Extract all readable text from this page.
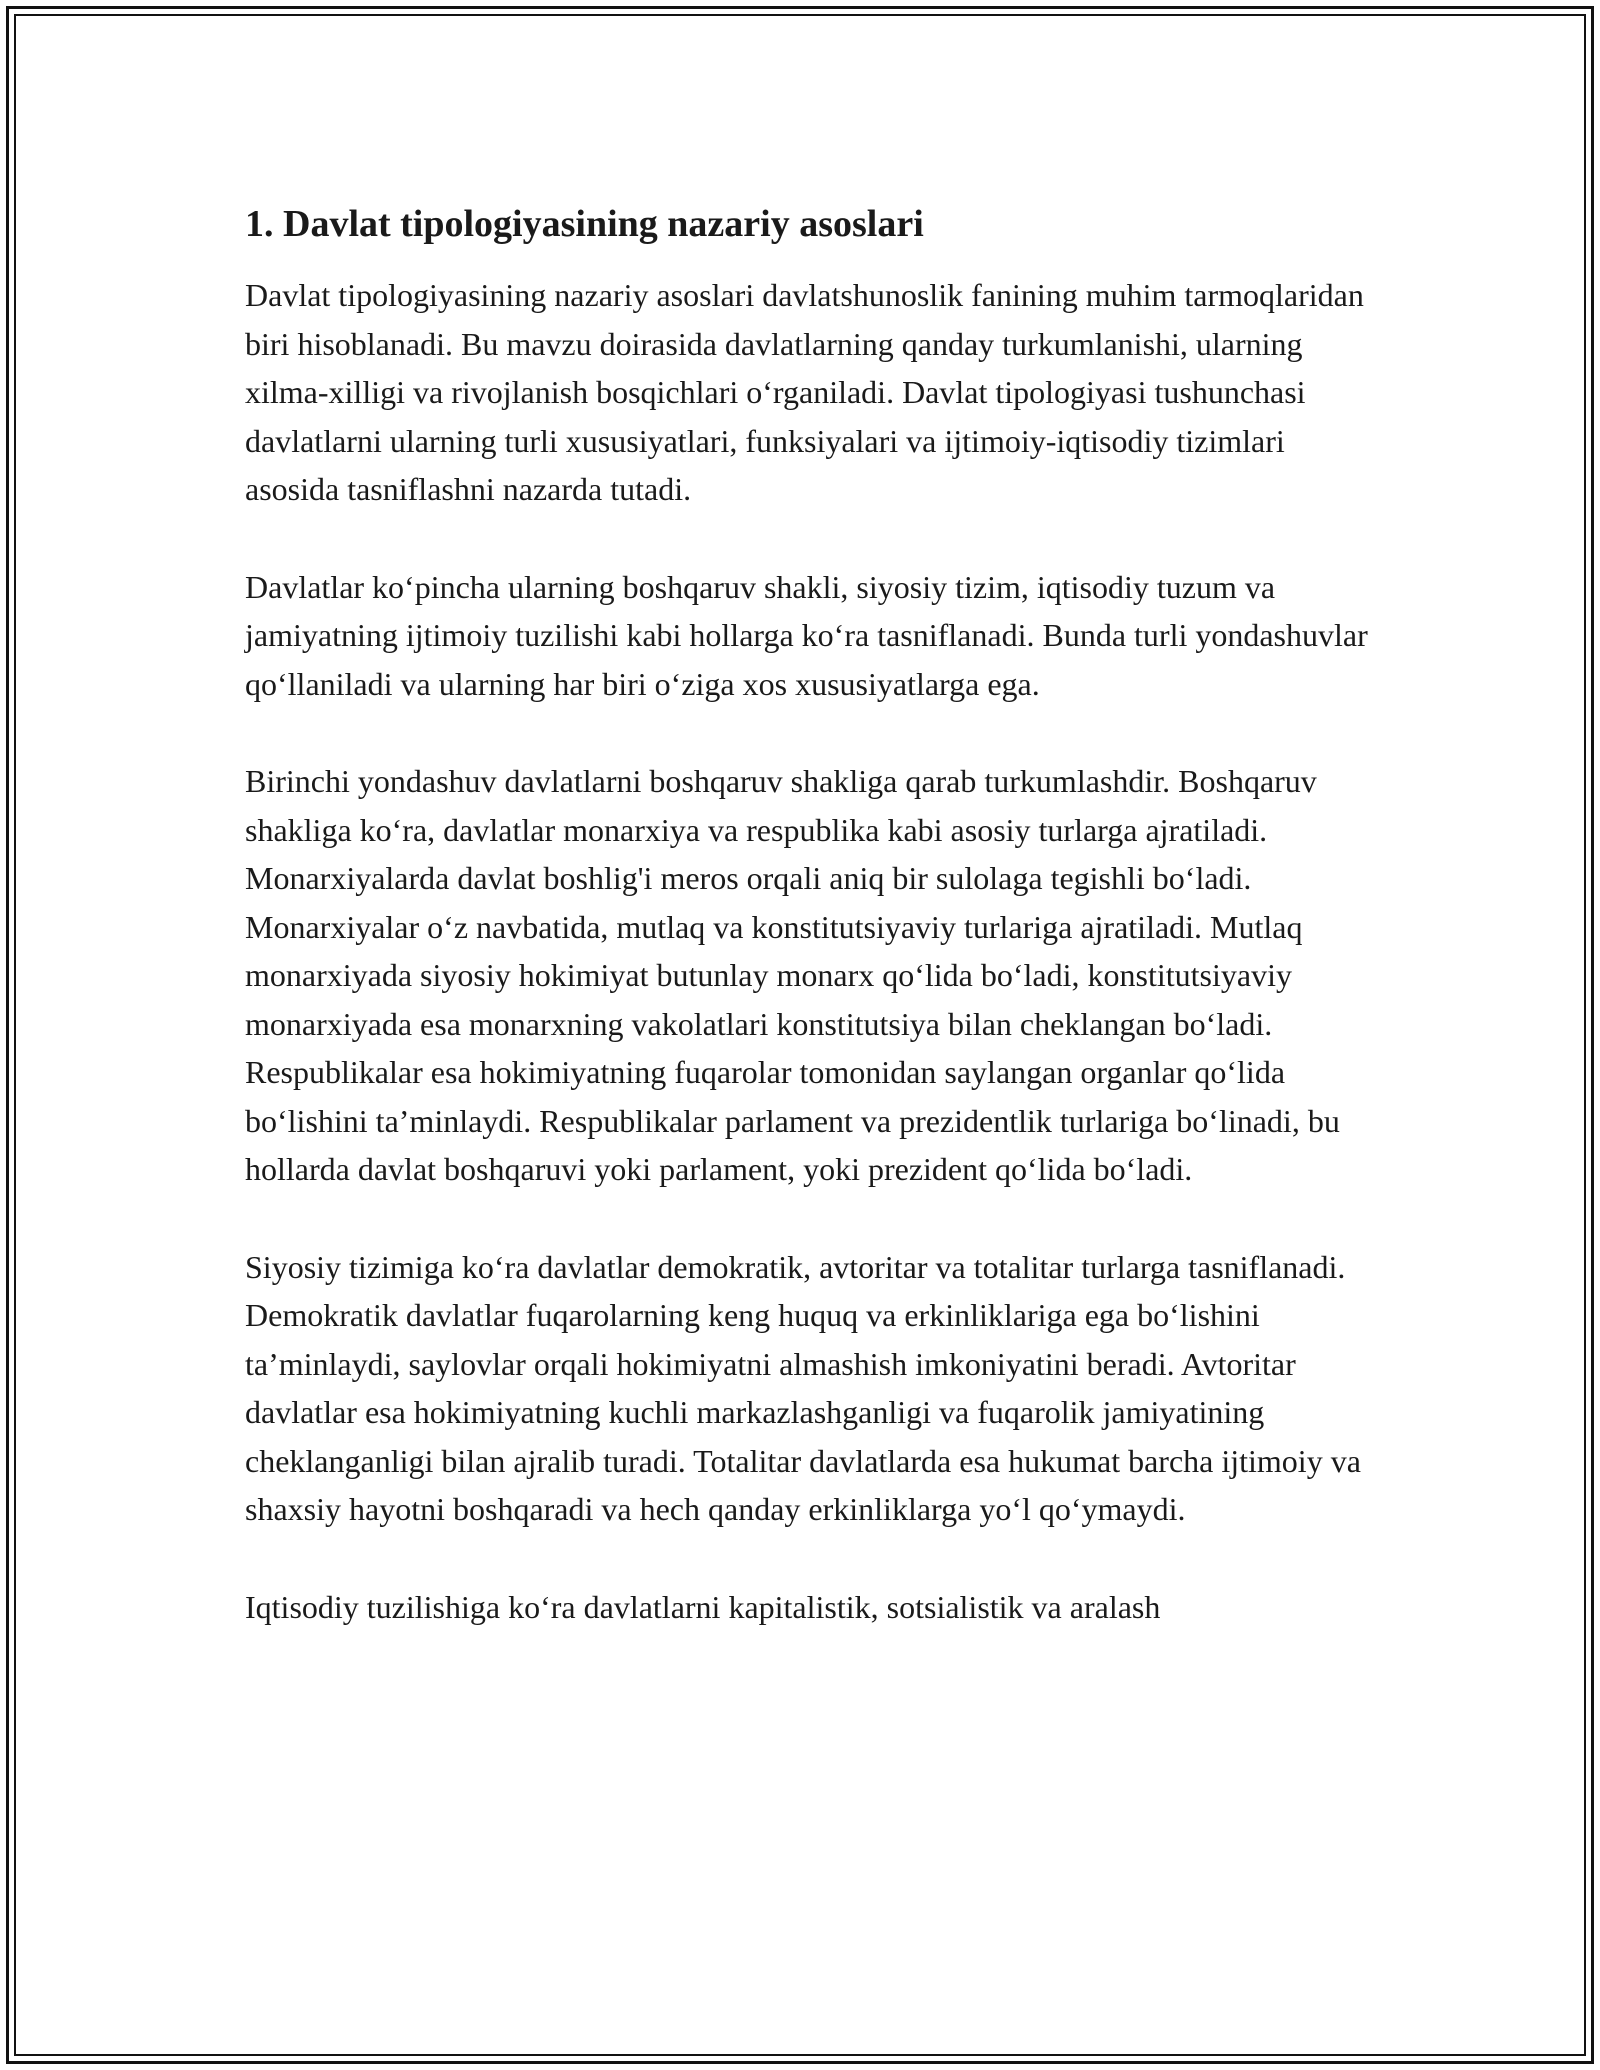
1. Davlat tipologiyasining nazariy asoslari

Davlat tipologiyasining nazariy asoslari davlatshunoslik fanining muhim tarmoqlaridan biri hisoblanadi. Bu mavzu doirasida davlatlarning qanday turkumlanishi, ularning xilma-xilligi va rivojlanish bosqichlari o‘rganiladi. Davlat tipologiyasi tushunchasi davlatlarni ularning turli xususiyatlari, funksiyalari va ijtimoiy-iqtisodiy tizimlari asosida tasniflashni nazarda tutadi.

Davlatlar ko‘pincha ularning boshqaruv shakli, siyosiy tizim, iqtisodiy tuzum va jamiyatning ijtimoiy tuzilishi kabi hollarga ko‘ra tasniflanadi. Bunda turli yondashuvlar qo‘llaniladi va ularning har biri o‘ziga xos xususiyatlarga ega.

Birinchi yondashuv davlatlarni boshqaruv shakliga qarab turkumlashdir. Boshqaruv shakliga ko‘ra, davlatlar monarxiya va respublika kabi asosiy turlarga ajratiladi. Monarxiyalarda davlat boshlig'i meros orqali aniq bir sulolaga tegishli bo‘ladi. Monarxiyalar o‘z navbatida, mutlaq va konstitutsiyaviy turlariga ajratiladi. Mutlaq monarxiyada siyosiy hokimiyat butunlay monarx qo‘lida bo‘ladi, konstitutsiyaviy monarxiyada esa monarxning vakolatlari konstitutsiya bilan cheklangan bo‘ladi. Respublikalar esa hokimiyatning fuqarolar tomonidan saylangan organlar qo‘lida bo‘lishini ta’minlaydi. Respublikalar parlament va prezidentlik turlariga bo‘linadi, bu hollarda davlat boshqaruvi yoki parlament, yoki prezident qo‘lida bo‘ladi.

Siyosiy tizimiga ko‘ra davlatlar demokratik, avtoritar va totalitar turlarga tasniflanadi. Demokratik davlatlar fuqarolarning keng huquq va erkinliklariga ega bo‘lishini ta’minlaydi, saylovlar orqali hokimiyatni almashish imkoniyatini beradi. Avtoritar davlatlar esa hokimiyatning kuchli markazlashganligi va fuqarolik jamiyatining cheklanganligi bilan ajralib turadi. Totalitar davlatlarda esa hukumat barcha ijtimoiy va shaxsiy hayotni boshqaradi va hech qanday erkinliklarga yo‘l qo‘ymaydi.

Iqtisodiy tuzilishiga ko‘ra davlatlarni kapitalistik, sotsialistik va aralash
